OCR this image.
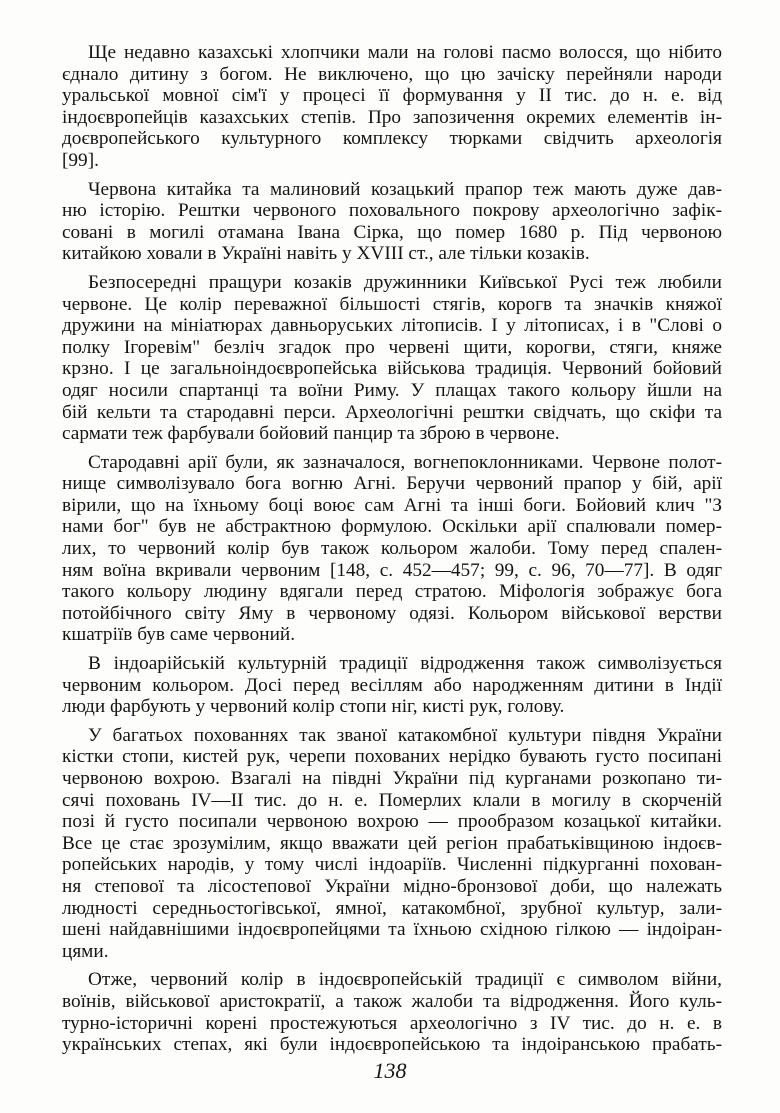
Ще недавно казахські хлопчики мали на голові пасмо волосся, що нібито
єднало дитину з богом. Не виключено, що цю зачіску перейняли народи
уральської мовної сім'ї у процесі її формування у II тис. до н. е. від
індоєвропейців казахських степів. Про запозичення окремих елементів ін-
доєвропейського культурного комплексу тюрками свідчить археологія
[99].

Червона китайка та малиновий козацький прапор теж мають дуже дав-
ню історію. Рештки червоного поховального покрову археологічно зафік-
совані в могилі отамана Івана Сірка, що помер 1680 р. Під червоною
китайкою ховали в Україні навіть у XVIII ст., але тільки козаків.

Безпосередні пращури козаків дружинники Київської Русі теж любили
червоне. Це колір переважної більшості стягів, корогв та значків княжої
дружини на мініатюрах давньоруських літописів. І у літописах, і в "Слові о
полку Ігоревім" безліч згадок про червені щити, корогви, стяги, княже
крзно. І це загальноіндоєвропейська військова традиція. Червоний бойовий
одяг носили спартанці та воїни Риму. У плащах такого кольору йшли на
бій кельти та стародавні перси. Археологічні рештки свідчать, що скіфи та
сармати теж фарбували бойовий панцир та зброю в червоне.

Стародавні арії були, як зазначалося, вогнепоклонниками. Червоне полот-
нище символізувало бога вогню Агні. Беручи червоний прапор у бій, арії
вірили, що на їхньому боці воює сам Агні та інші боги. Бойовий клич "З
нами бог" був не абстрактною формулою. Оскільки арії спалювали помер-
лих, то червоний колір був також кольором жалоби. Тому перед спален-
ням воїна вкривали червоним [148, с. 452—457; 99, с. 96, 70—77]. В одяг
такого кольору людину вдягали перед стратою. Міфологія зображує бога
потойбічного світу Яму в червоному одязі. Кольором військової верстви
кшатріїв був саме червоний.

В індоарійській культурній традиції відродження також символізується
червоним кольором. Досі перед весіллям або народженням дитини в Індії
люди фарбують у червоний колір стопи ніг, кисті рук, голову.

У багатьох похованнях так званої катакомбної культури півдня України
кістки стопи, кистей рук, черепи похованих нерідко бувають густо посипані
червоною вохрою. Взагалі на півдні України під курганами розкопано ти-
сячі поховань IV—II тис. до н. е. Померлих клали в могилу в скорченій
позі й густо посипали червоною вохрою — прообразом козацької китайки.
Все це стає зрозумілим, якщо вважати цей регіон прабатьківщиною індоєв-
ропейських народів, у тому числі індоаріїв. Численні підкурганні похован-
ня степової та лісостепової України мідно-бронзової доби, що належать
людності середньостогівської, ямної, катакомбної, зрубної культур, зали-
шені найдавнішими індоєвропейцями та їхньою східною гілкою — індоіран-
цями.

Отже, червоний колір в індоєвропейській традиції є символом війни,
воїнів, військової аристократії, а також жалоби та відродження. Його куль-
турно-історичні корені простежуються археологічно з IV тис. до н. е. в
українських степах, які були індоєвропейською та індоіранською прабать-

138
